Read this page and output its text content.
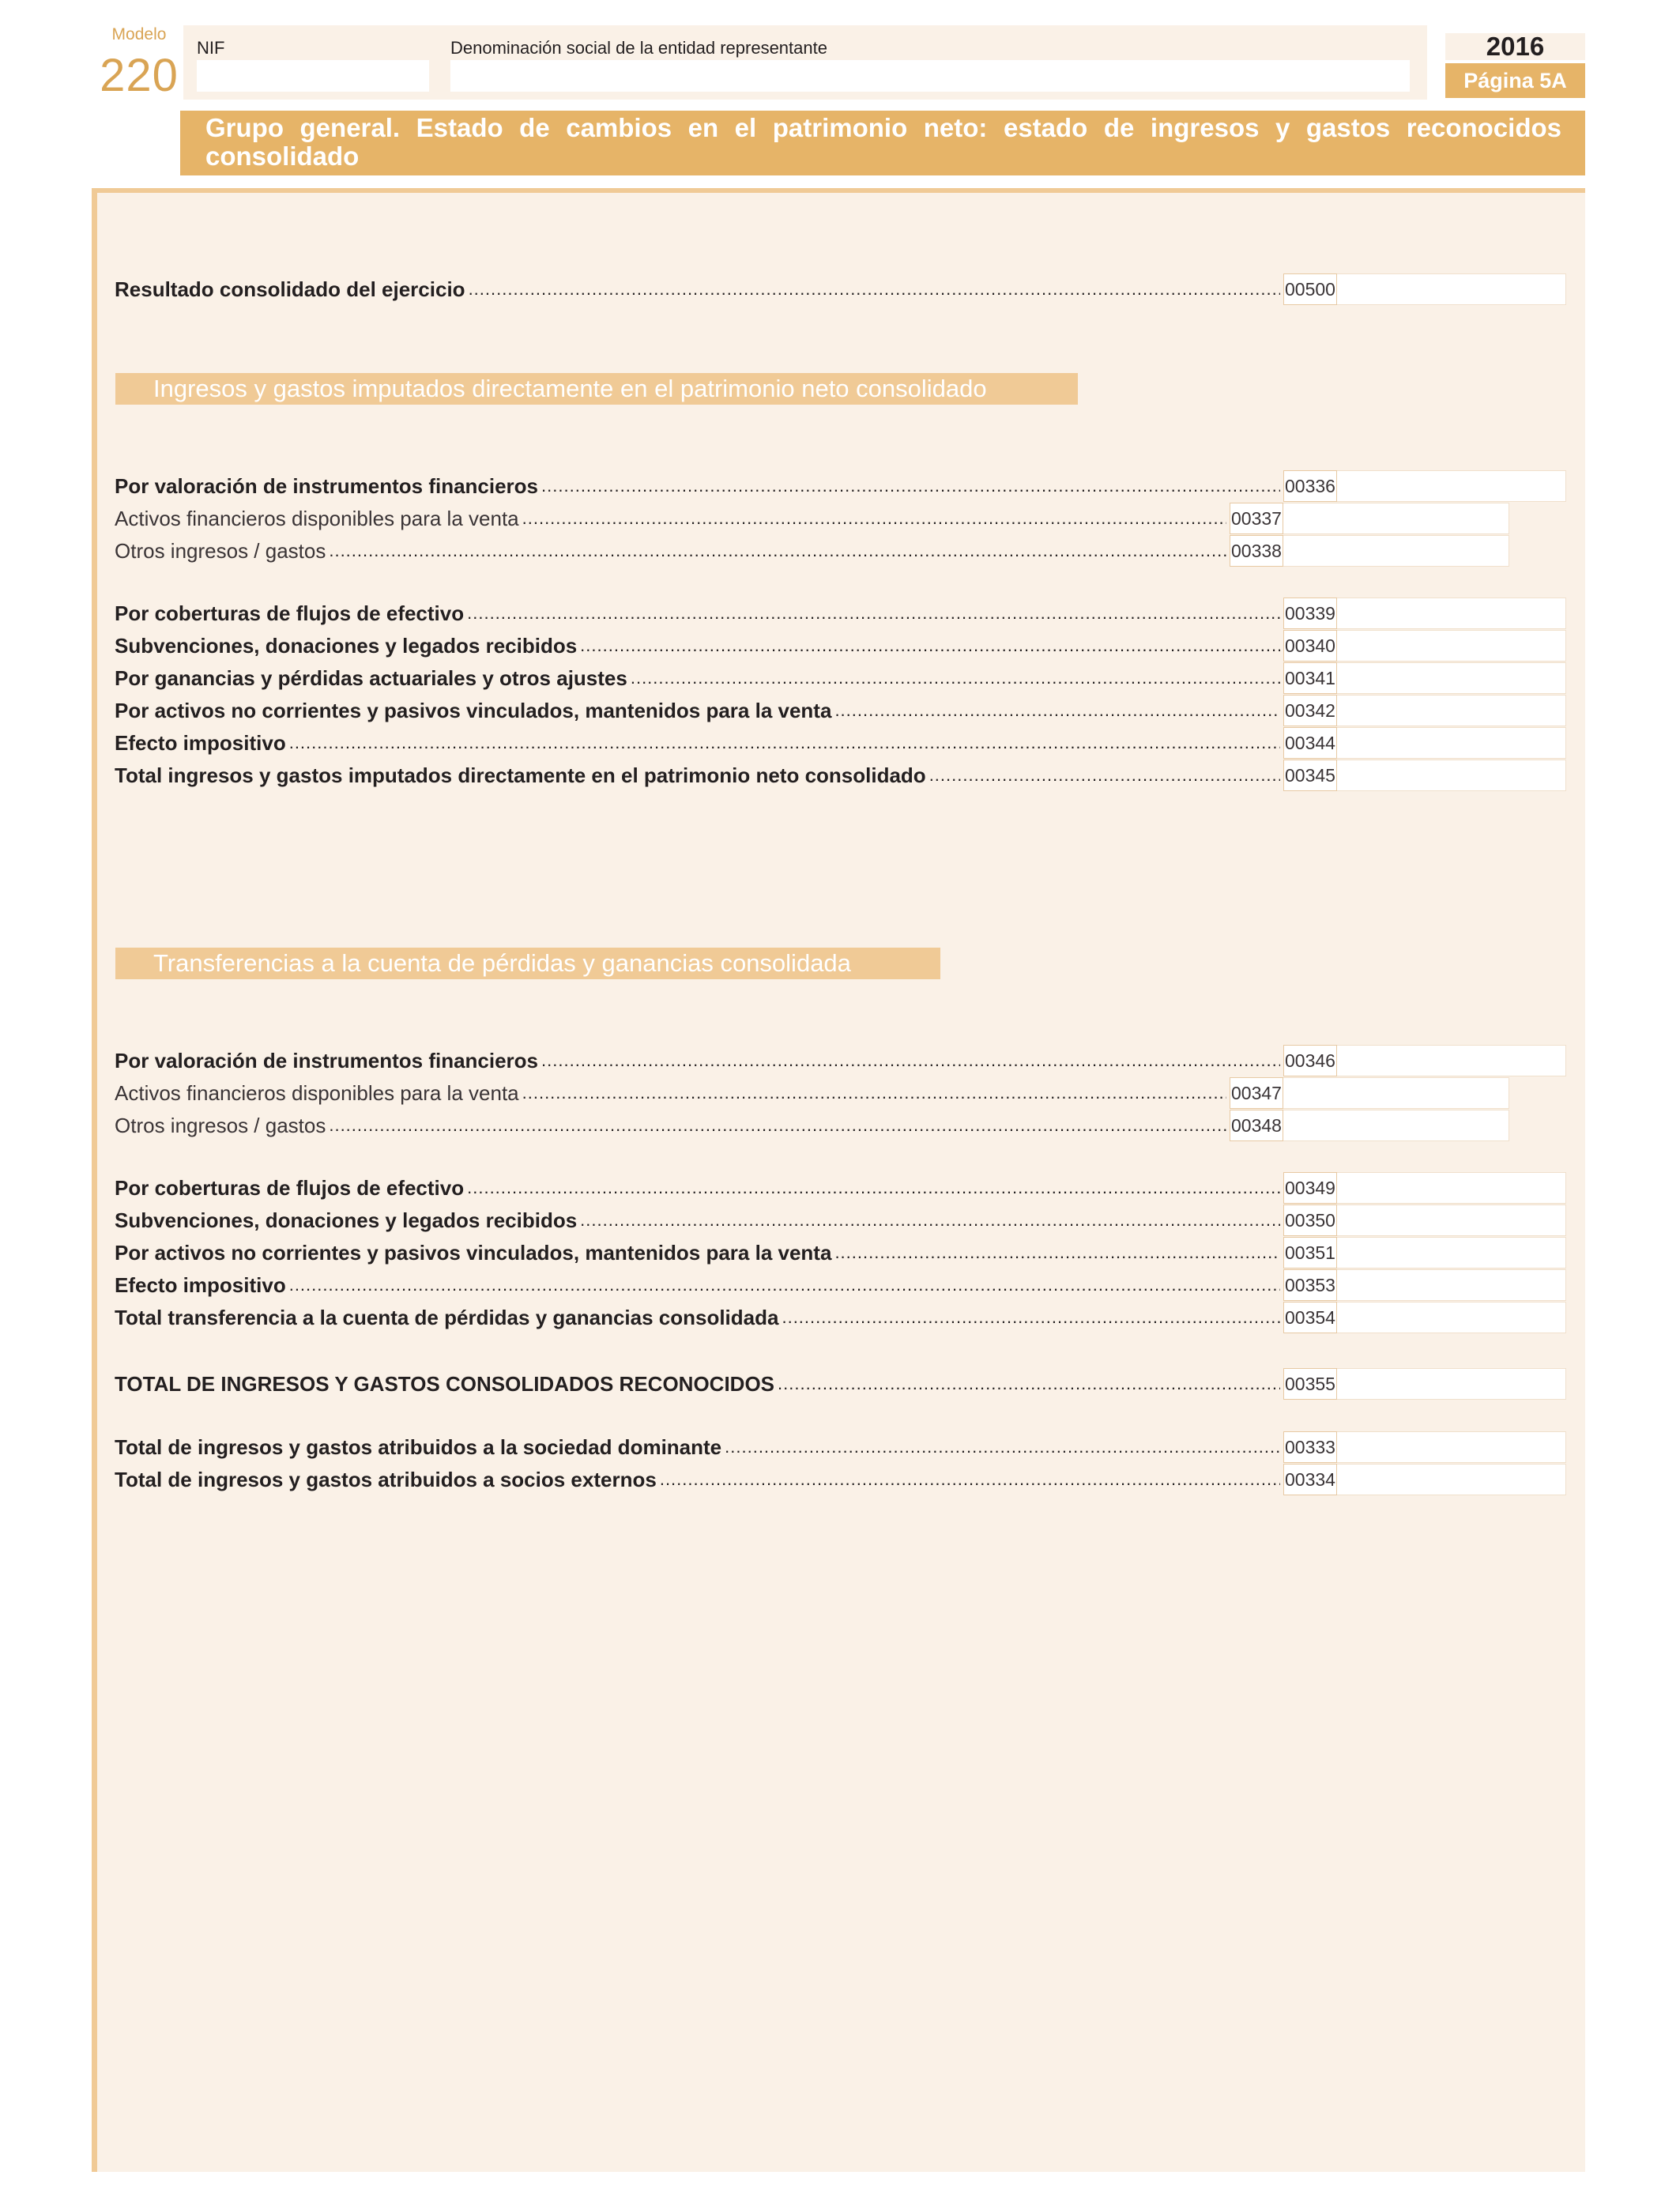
Modelo
220
NIF	Denominación social de la entidad representante	2016
Página 5A
Grupo general. Estado de cambios en el patrimonio neto: estado de ingresos y gastos reconocidos consolidado
Resultado consolidado del ejercicio .....	00500
Ingresos y gastos imputados directamente en el patrimonio neto consolidado
Por valoración de instrumentos financieros .....	00336
Activos financieros disponibles para la venta .....	00337
Otros ingresos / gastos .....	00338
Por coberturas de flujos de efectivo .....	00339
Subvenciones, donaciones y legados recibidos .....	00340
Por ganancias y pérdidas actuariales y otros ajustes .....	00341
Por activos no corrientes y pasivos vinculados, mantenidos para la venta .....	00342
Efecto impositivo .....	00344
Total ingresos y gastos imputados directamente en el patrimonio neto consolidado .....	00345
Transferencias a la cuenta de pérdidas y ganancias consolidada
Por valoración de instrumentos financieros .....	00346
Activos financieros disponibles para la venta .....	00347
Otros ingresos / gastos .....	00348
Por coberturas de flujos de efectivo .....	00349
Subvenciones, donaciones y legados recibidos .....	00350
Por activos no corrientes y pasivos vinculados, mantenidos para la venta .....	00351
Efecto impositivo .....	00353
Total transferencia a la cuenta de pérdidas y ganancias consolidada .....	00354
TOTAL DE INGRESOS Y GASTOS CONSOLIDADOS RECONOCIDOS .....	00355
Total de ingresos y gastos atribuidos a la sociedad dominante .....	00333
Total de ingresos y gastos atribuidos a socios externos .....	00334
